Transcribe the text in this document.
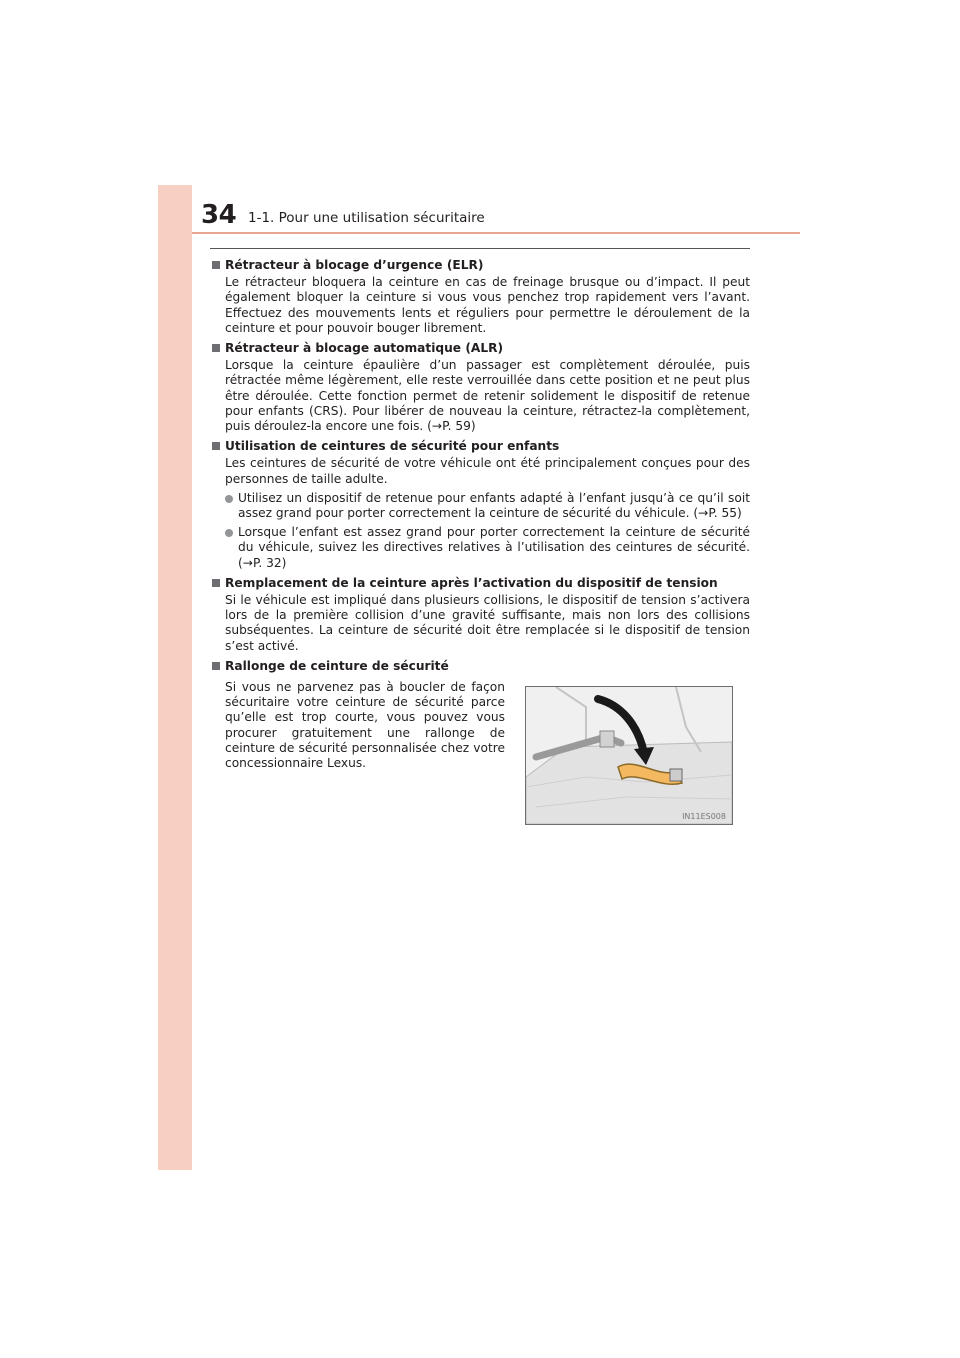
34 1-1. Pour une utilisation sécuritaire
Rétracteur à blocage d’urgence (ELR)
Le rétracteur bloquera la ceinture en cas de freinage brusque ou d’impact. Il peut également bloquer la ceinture si vous vous penchez trop rapidement vers l’avant. Effectuez des mouvements lents et réguliers pour permettre le déroulement de la ceinture et pour pouvoir bouger librement.
Rétracteur à blocage automatique (ALR)
Lorsque la ceinture épaulière d’un passager est complètement déroulée, puis rétractée même légèrement, elle reste verrouillée dans cette position et ne peut plus être déroulée. Cette fonction permet de retenir solidement le dispositif de retenue pour enfants (CRS). Pour libérer de nouveau la ceinture, rétractez-la complètement, puis déroulez-la encore une fois. (→P. 59)
Utilisation de ceintures de sécurité pour enfants
Les ceintures de sécurité de votre véhicule ont été principalement conçues pour des personnes de taille adulte.
Utilisez un dispositif de retenue pour enfants adapté à l’enfant jusqu’à ce qu’il soit assez grand pour porter correctement la ceinture de sécurité du véhicule. (→P. 55)
Lorsque l’enfant est assez grand pour porter correctement la ceinture de sécurité du véhicule, suivez les directives relatives à l’utilisation des ceintures de sécurité. (→P. 32)
Remplacement de la ceinture après l’activation du dispositif de tension
Si le véhicule est impliqué dans plusieurs collisions, le dispositif de tension s’activera lors de la première collision d’une gravité suffisante, mais non lors des collisions subséquentes. La ceinture de sécurité doit être remplacée si le dispositif de tension s’est activé.
Rallonge de ceinture de sécurité
Si vous ne parvenez pas à boucler de façon sécuritaire votre ceinture de sécurité parce qu’elle est trop courte, vous pouvez vous procurer gratuitement une rallonge de ceinture de sécurité personnalisée chez votre concessionnaire Lexus.
IN11ES008
